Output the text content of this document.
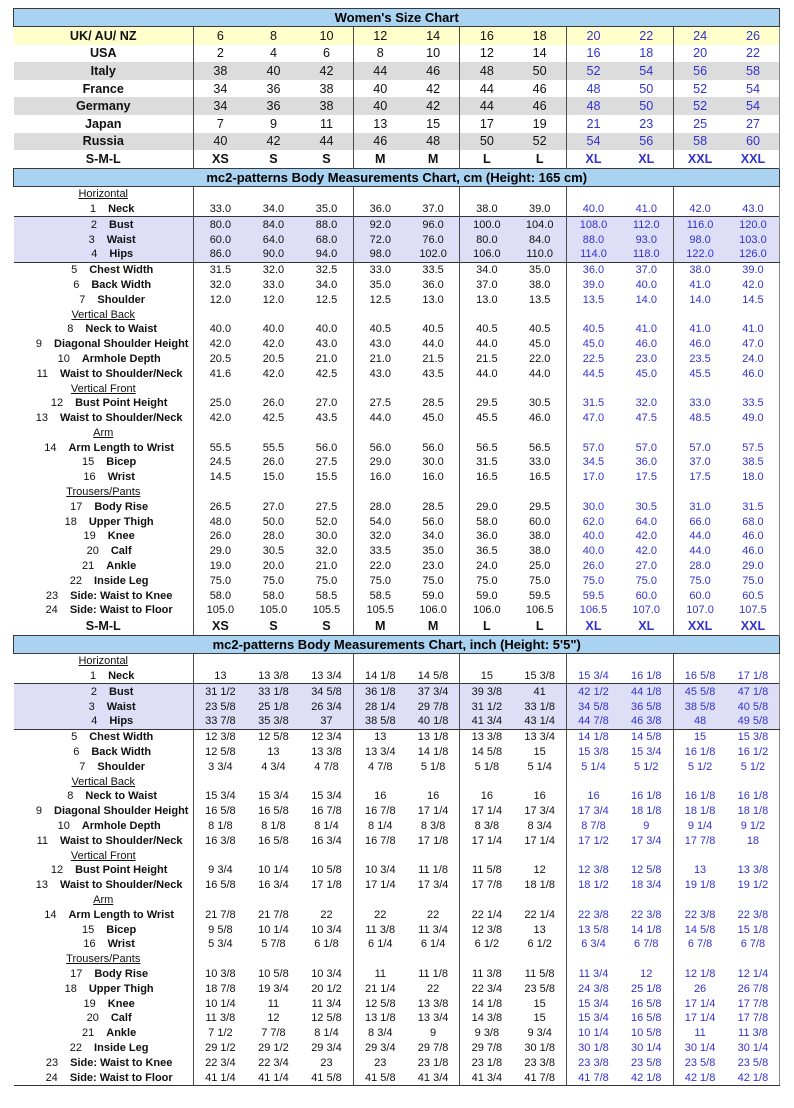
Women's Size Chart											
UK/ AU/ NZ	6	8	10	12	14	16	18	20	22	24	26
USA	2	4	6	8	10	12	14	16	18	20	22
Italy	38	40	42	44	46	48	50	52	54	56	58
France	34	36	38	40	42	44	46	48	50	52	54
Germany	34	36	38	40	42	44	46	48	50	52	54
Japan	7	9	11	13	15	17	19	21	23	25	27
Russia	40	42	44	46	48	50	52	54	56	58	60
S-M-L	XS	S	S	M	M	L	L	XL	XL	XXL	XXL
mc2-patterns Body Measurements Chart, cm (Height: 165 cm)											

Horizontal											

1 Neck	33.0	34.0	35.0	36.0	37.0	38.0	39.0	40.0	41.0	42.0	43.0
2 Bust	80.0	84.0	88.0	92.0	96.0	100.0	104.0	108.0	112.0	116.0	120.0
3 Waist	60.0	64.0	68.0	72.0	76.0	80.0	84.0	88.0	93.0	98.0	103.0
4 Hips	86.0	90.0	94.0	98.0	102.0	106.0	110.0	114.0	118.0	122.0	126.0
5 Chest Width	31.5	32.0	32.5	33.0	33.5	34.0	35.0	36.0	37.0	38.0	39.0
6 Back Width	32.0	33.0	34.0	35.0	36.0	37.0	38.0	39.0	40.0	41.0	42.0
7 Shoulder	12.0	12.0	12.5	12.5	13.0	13.0	13.5	13.5	14.0	14.0	14.5

Vertical Back											

8 Neck to Waist	40.0	40.0	40.0	40.5	40.5	40.5	40.5	40.5	41.0	41.0	41.0
9 Diagonal Shoulder Height	42.0	42.0	43.0	43.0	44.0	44.0	45.0	45.0	46.0	46.0	47.0
10 Armhole Depth	20.5	20.5	21.0	21.0	21.5	21.5	22.0	22.5	23.0	23.5	24.0
11 Waist to Shoulder/Neck	41.6	42.0	42.5	43.0	43.5	44.0	44.0	44.5	45.0	45.5	46.0

Vertical Front											

12 Bust Point Height	25.0	26.0	27.0	27.5	28.5	29.5	30.5	31.5	32.0	33.0	33.5
13 Waist to Shoulder/Neck	42.0	42.5	43.5	44.0	45.0	45.5	46.0	47.0	47.5	48.5	49.0

Arm											

14 Arm Length to Wrist	55.5	55.5	56.0	56.0	56.0	56.5	56.5	57.0	57.0	57.0	57.5
15 Bicep	24.5	26.0	27.5	29.0	30.0	31.5	33.0	34.5	36.0	37.0	38.5
16 Wrist	14.5	15.0	15.5	16.0	16.0	16.5	16.5	17.0	17.5	17.5	18.0

Trousers/Pants											

17 Body Rise	26.5	27.0	27.5	28.0	28.5	29.0	29.5	30.0	30.5	31.0	31.5
18 Upper Thigh	48.0	50.0	52.0	54.0	56.0	58.0	60.0	62.0	64.0	66.0	68.0
19 Knee	26.0	28.0	30.0	32.0	34.0	36.0	38.0	40.0	42.0	44.0	46.0
20 Calf	29.0	30.5	32.0	33.5	35.0	36.5	38.0	40.0	42.0	44.0	46.0
21 Ankle	19.0	20.0	21.0	22.0	23.0	24.0	25.0	26.0	27.0	28.0	29.0
22 Inside Leg	75.0	75.0	75.0	75.0	75.0	75.0	75.0	75.0	75.0	75.0	75.0
23 Side: Waist to Knee	58.0	58.0	58.5	58.5	59.0	59.0	59.5	59.5	60.0	60.0	60.5
24 Side: Waist to Floor	105.0	105.0	105.5	105.5	106.0	106.0	106.5	106.5	107.0	107.0	107.5
S-M-L	XS	S	S	M	M	L	L	XL	XL	XXL	XXL
mc2-patterns Body Measurements Chart, inch (Height: 5'5")											

Horizontal											

1 Neck	13	13 3/8	13 3/4	14 1/8	14 5/8	15	15 3/8	15 3/4	16 1/8	16 5/8	17 1/8
2 Bust	31 1/2	33 1/8	34 5/8	36 1/8	37 3/4	39 3/8	41	42 1/2	44 1/8	45 5/8	47 1/8
3 Waist	23 5/8	25 1/8	26 3/4	28 1/4	29 7/8	31 1/2	33 1/8	34 5/8	36 5/8	38 5/8	40 5/8
4 Hips	33 7/8	35 3/8	37	38 5/8	40 1/8	41 3/4	43 1/4	44 7/8	46 3/8	48	49 5/8
5 Chest Width	12 3/8	12 5/8	12 3/4	13	13 1/8	13 3/8	13 3/4	14 1/8	14 5/8	15	15 3/8
6 Back Width	12 5/8	13	13 3/8	13 3/4	14 1/8	14 5/8	15	15 3/8	15 3/4	16 1/8	16 1/2
7 Shoulder	3 3/4	4 3/4	4 7/8	4 7/8	5 1/8	5 1/8	5 1/4	5 1/4	5 1/2	5 1/2	5 1/2

Vertical Back											

8 Neck to Waist	15 3/4	15 3/4	15 3/4	16	16	16	16	16	16 1/8	16 1/8	16 1/8
9 Diagonal Shoulder Height	16 5/8	16 5/8	16 7/8	16 7/8	17 1/4	17 1/4	17 3/4	17 3/4	18 1/8	18 1/8	18 1/8
10 Armhole Depth	8 1/8	8 1/8	8 1/4	8 1/4	8 3/8	8 3/8	8 3/4	8 7/8	9	9 1/4	9 1/2
11 Waist to Shoulder/Neck	16 3/8	16 5/8	16 3/4	16 7/8	17 1/8	17 1/4	17 1/4	17 1/2	17 3/4	17 7/8	18

Vertical Front											

12 Bust Point Height	9 3/4	10 1/4	10 5/8	10 3/4	11 1/8	11 5/8	12	12 3/8	12 5/8	13	13 3/8
13 Waist to Shoulder/Neck	16 5/8	16 3/4	17 1/8	17 1/4	17 3/4	17 7/8	18 1/8	18 1/2	18 3/4	19 1/8	19 1/2

Arm											

14 Arm Length to Wrist	21 7/8	21 7/8	22	22	22	22 1/4	22 1/4	22 3/8	22 3/8	22 3/8	22 3/8
15 Bicep	9 5/8	10 1/4	10 3/4	11 3/8	11 3/4	12 3/8	13	13 5/8	14 1/8	14 5/8	15 1/8
16 Wrist	5 3/4	5 7/8	6 1/8	6 1/4	6 1/4	6 1/2	6 1/2	6 3/4	6 7/8	6 7/8	6 7/8

Trousers/Pants											

17 Body Rise	10 3/8	10 5/8	10 3/4	11	11 1/8	11 3/8	11 5/8	11 3/4	12	12 1/8	12 1/4
18 Upper Thigh	18 7/8	19 3/4	20 1/2	21 1/4	22	22 3/4	23 5/8	24 3/8	25 1/8	26	26 7/8
19 Knee	10 1/4	11	11 3/4	12 5/8	13 3/8	14 1/8	15	15 3/4	16 5/8	17 1/4	17 7/8
20 Calf	11 3/8	12	12 5/8	13 1/8	13 3/4	14 3/8	15	15 3/4	16 5/8	17 1/4	17 7/8
21 Ankle	7 1/2	7 7/8	8 1/4	8 3/4	9	9 3/8	9 3/4	10 1/4	10 5/8	11	11 3/8
22 Inside Leg	29 1/2	29 1/2	29 3/4	29 3/4	29 7/8	29 7/8	30 1/8	30 1/8	30 1/4	30 1/4	30 1/4
23 Side: Waist to Knee	22 3/4	22 3/4	23	23	23 1/8	23 1/8	23 3/8	23 3/8	23 5/8	23 5/8	23 5/8
24 Side: Waist to Floor	41 1/4	41 1/4	41 5/8	41 5/8	41 3/4	41 3/4	41 7/8	41 7/8	42 1/8	42 1/8	42 1/8
